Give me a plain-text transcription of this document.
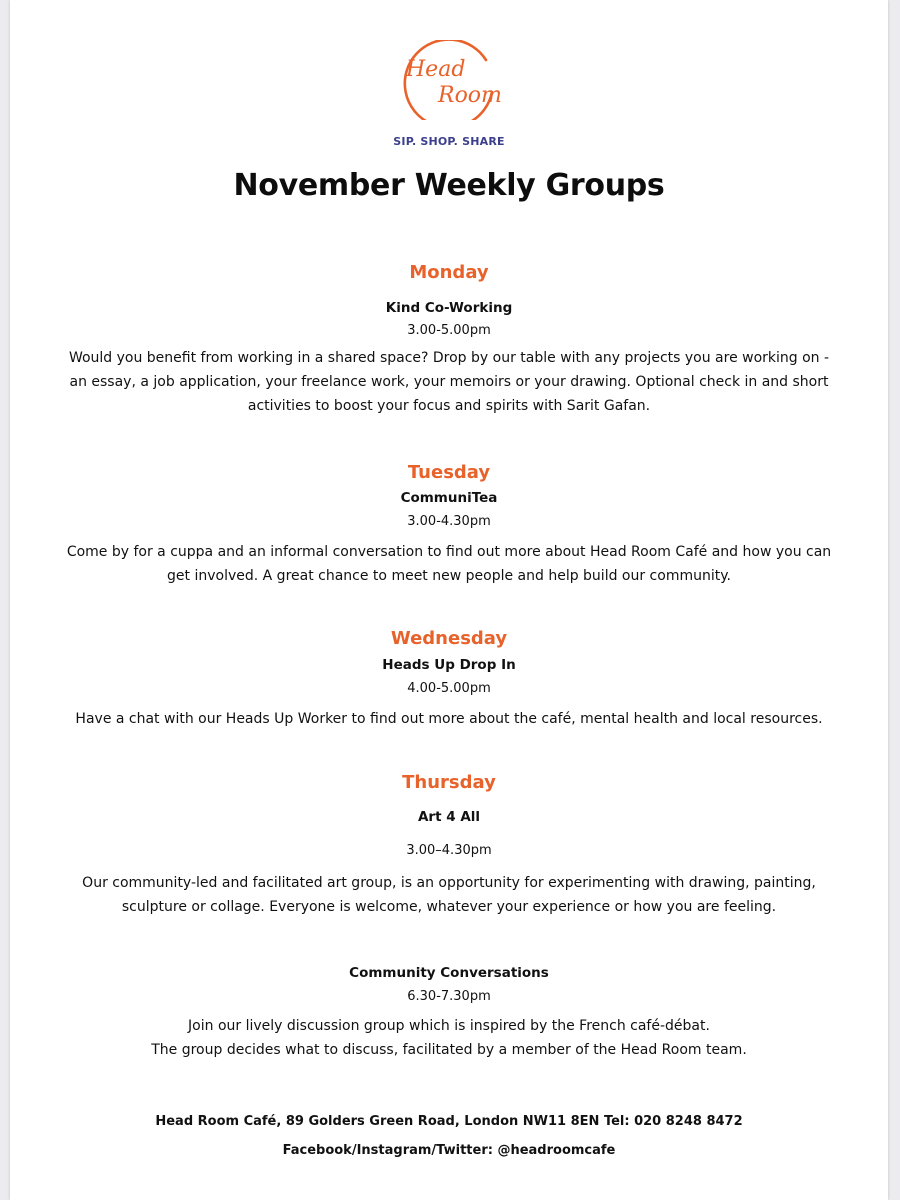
Head
Room
SIP. SHOP. SHARE
November Weekly Groups
Monday
Kind Co-Working
3.00-5.00pm
Would you benefit from working in a shared space? Drop by our table with any projects you are working on -
an essay, a job application, your freelance work, your memoirs or your drawing. Optional check in and short
activities to boost your focus and spirits with Sarit Gafan.
Tuesday
CommuniTea
3.00-4.30pm
Come by for a cuppa and an informal conversation to find out more about Head Room Café and how you can
get involved. A great chance to meet new people and help build our community.
Wednesday
Heads Up Drop In
4.00-5.00pm
Have a chat with our Heads Up Worker to find out more about the café, mental health and local resources.
Thursday
Art 4 All
3.00–4.30pm
Our community-led and facilitated art group, is an opportunity for experimenting with drawing, painting,
sculpture or collage. Everyone is welcome, whatever your experience or how you are feeling.
Community Conversations
6.30-7.30pm
Join our lively discussion group which is inspired by the French café-débat.
The group decides what to discuss, facilitated by a member of the Head Room team.
Head Room Café, 89 Golders Green Road, London NW11 8EN Tel: 020 8248 8472
Facebook/Instagram/Twitter: @headroomcafe
